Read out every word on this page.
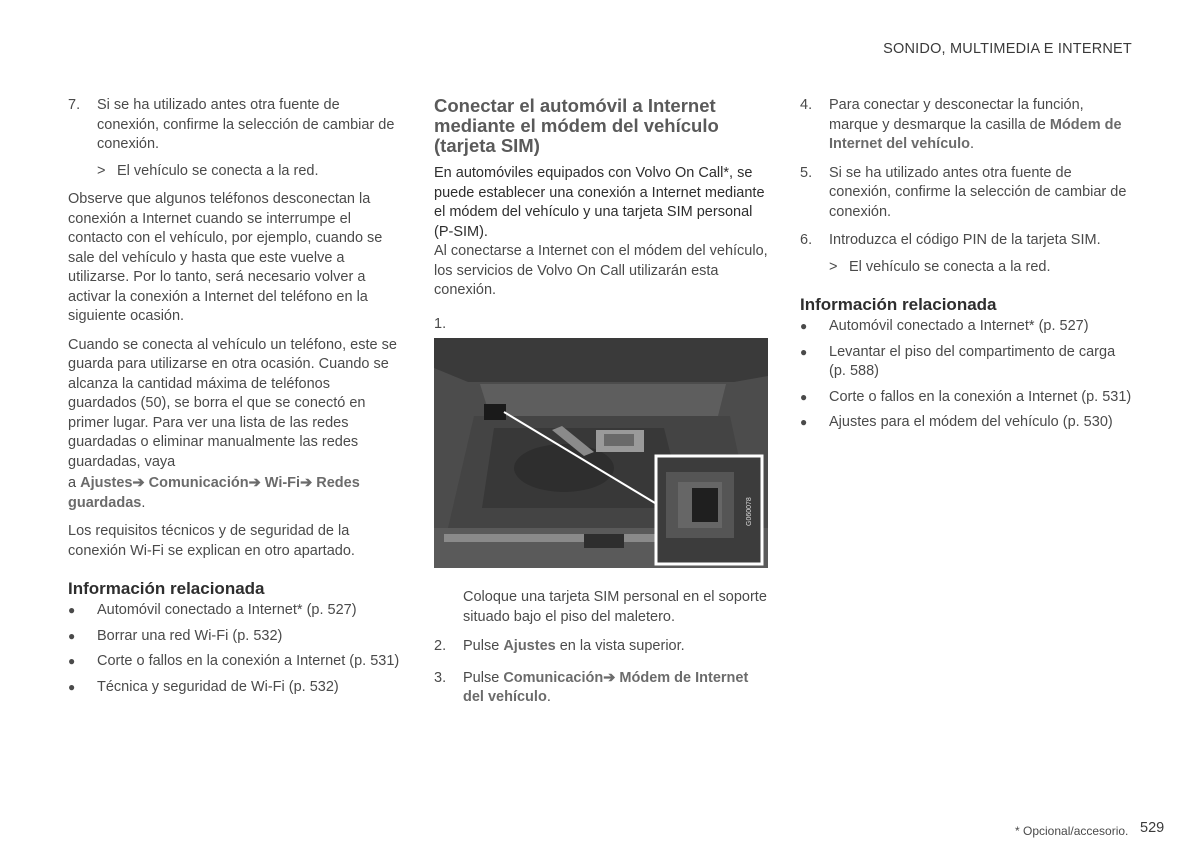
SONIDO, MULTIMEDIA E INTERNET
7.	Si se ha utilizado antes otra fuente de conexión, confirme la selección de cambiar de conexión.
> El vehículo se conecta a la red.

Observe que algunos teléfonos desconectan la conexión a Internet cuando se interrumpe el contacto con el vehículo, por ejemplo, cuando se sale del vehículo y hasta que este vuelve a utilizarse. Por lo tanto, será necesario volver a activar la conexión a Internet del teléfono en la siguiente ocasión.

Cuando se conecta al vehículo un teléfono, este se guarda para utilizarse en otra ocasión. Cuando se alcanza la cantidad máxima de teléfonos guardados (50), se borra el que se conectó en primer lugar. Para ver una lista de las redes guardadas o eliminar manualmente las redes guardadas, vaya

a Ajustes➔ Comunicación➔ Wi-Fi➔ Redes guardadas.

Los requisitos técnicos y de seguridad de la conexión Wi-Fi se explican en otro apartado.

Información relacionada
●	Automóvil conectado a Internet* (p. 527)
●	Borrar una red Wi-Fi (p. 532)
●	Corte o fallos en la conexión a Internet (p. 531)
●	Técnica y seguridad de Wi-Fi (p. 532)
Conectar el automóvil a Internet mediante el módem del vehículo (tarjeta SIM)

En automóviles equipados con Volvo On Call*, se puede establecer una conexión a Internet mediante el módem del vehículo y una tarjeta SIM personal (P-SIM).

Al conectarse a Internet con el módem del vehículo, los servicios de Volvo On Call utilizarán esta conexión.

1.
G060078

Coloque una tarjeta SIM personal en el soporte situado bajo el piso del maletero.

2.	Pulse Ajustes en la vista superior.
3.	Pulse Comunicación➔ Módem de Internet del vehículo.
4.	Para conectar y desconectar la función, marque y desmarque la casilla de Módem de Internet del vehículo.
5.	Si se ha utilizado antes otra fuente de conexión, confirme la selección de cambiar de conexión.
6.	Introduzca el código PIN de la tarjeta SIM.
> El vehículo se conecta a la red.
Información relacionada
●	Automóvil conectado a Internet* (p. 527)
●	Levantar el piso del compartimento de carga (p. 588)
●	Corte o fallos en la conexión a Internet (p. 531)
●	Ajustes para el módem del vehículo (p. 530)
* Opcional/accesorio. 529
